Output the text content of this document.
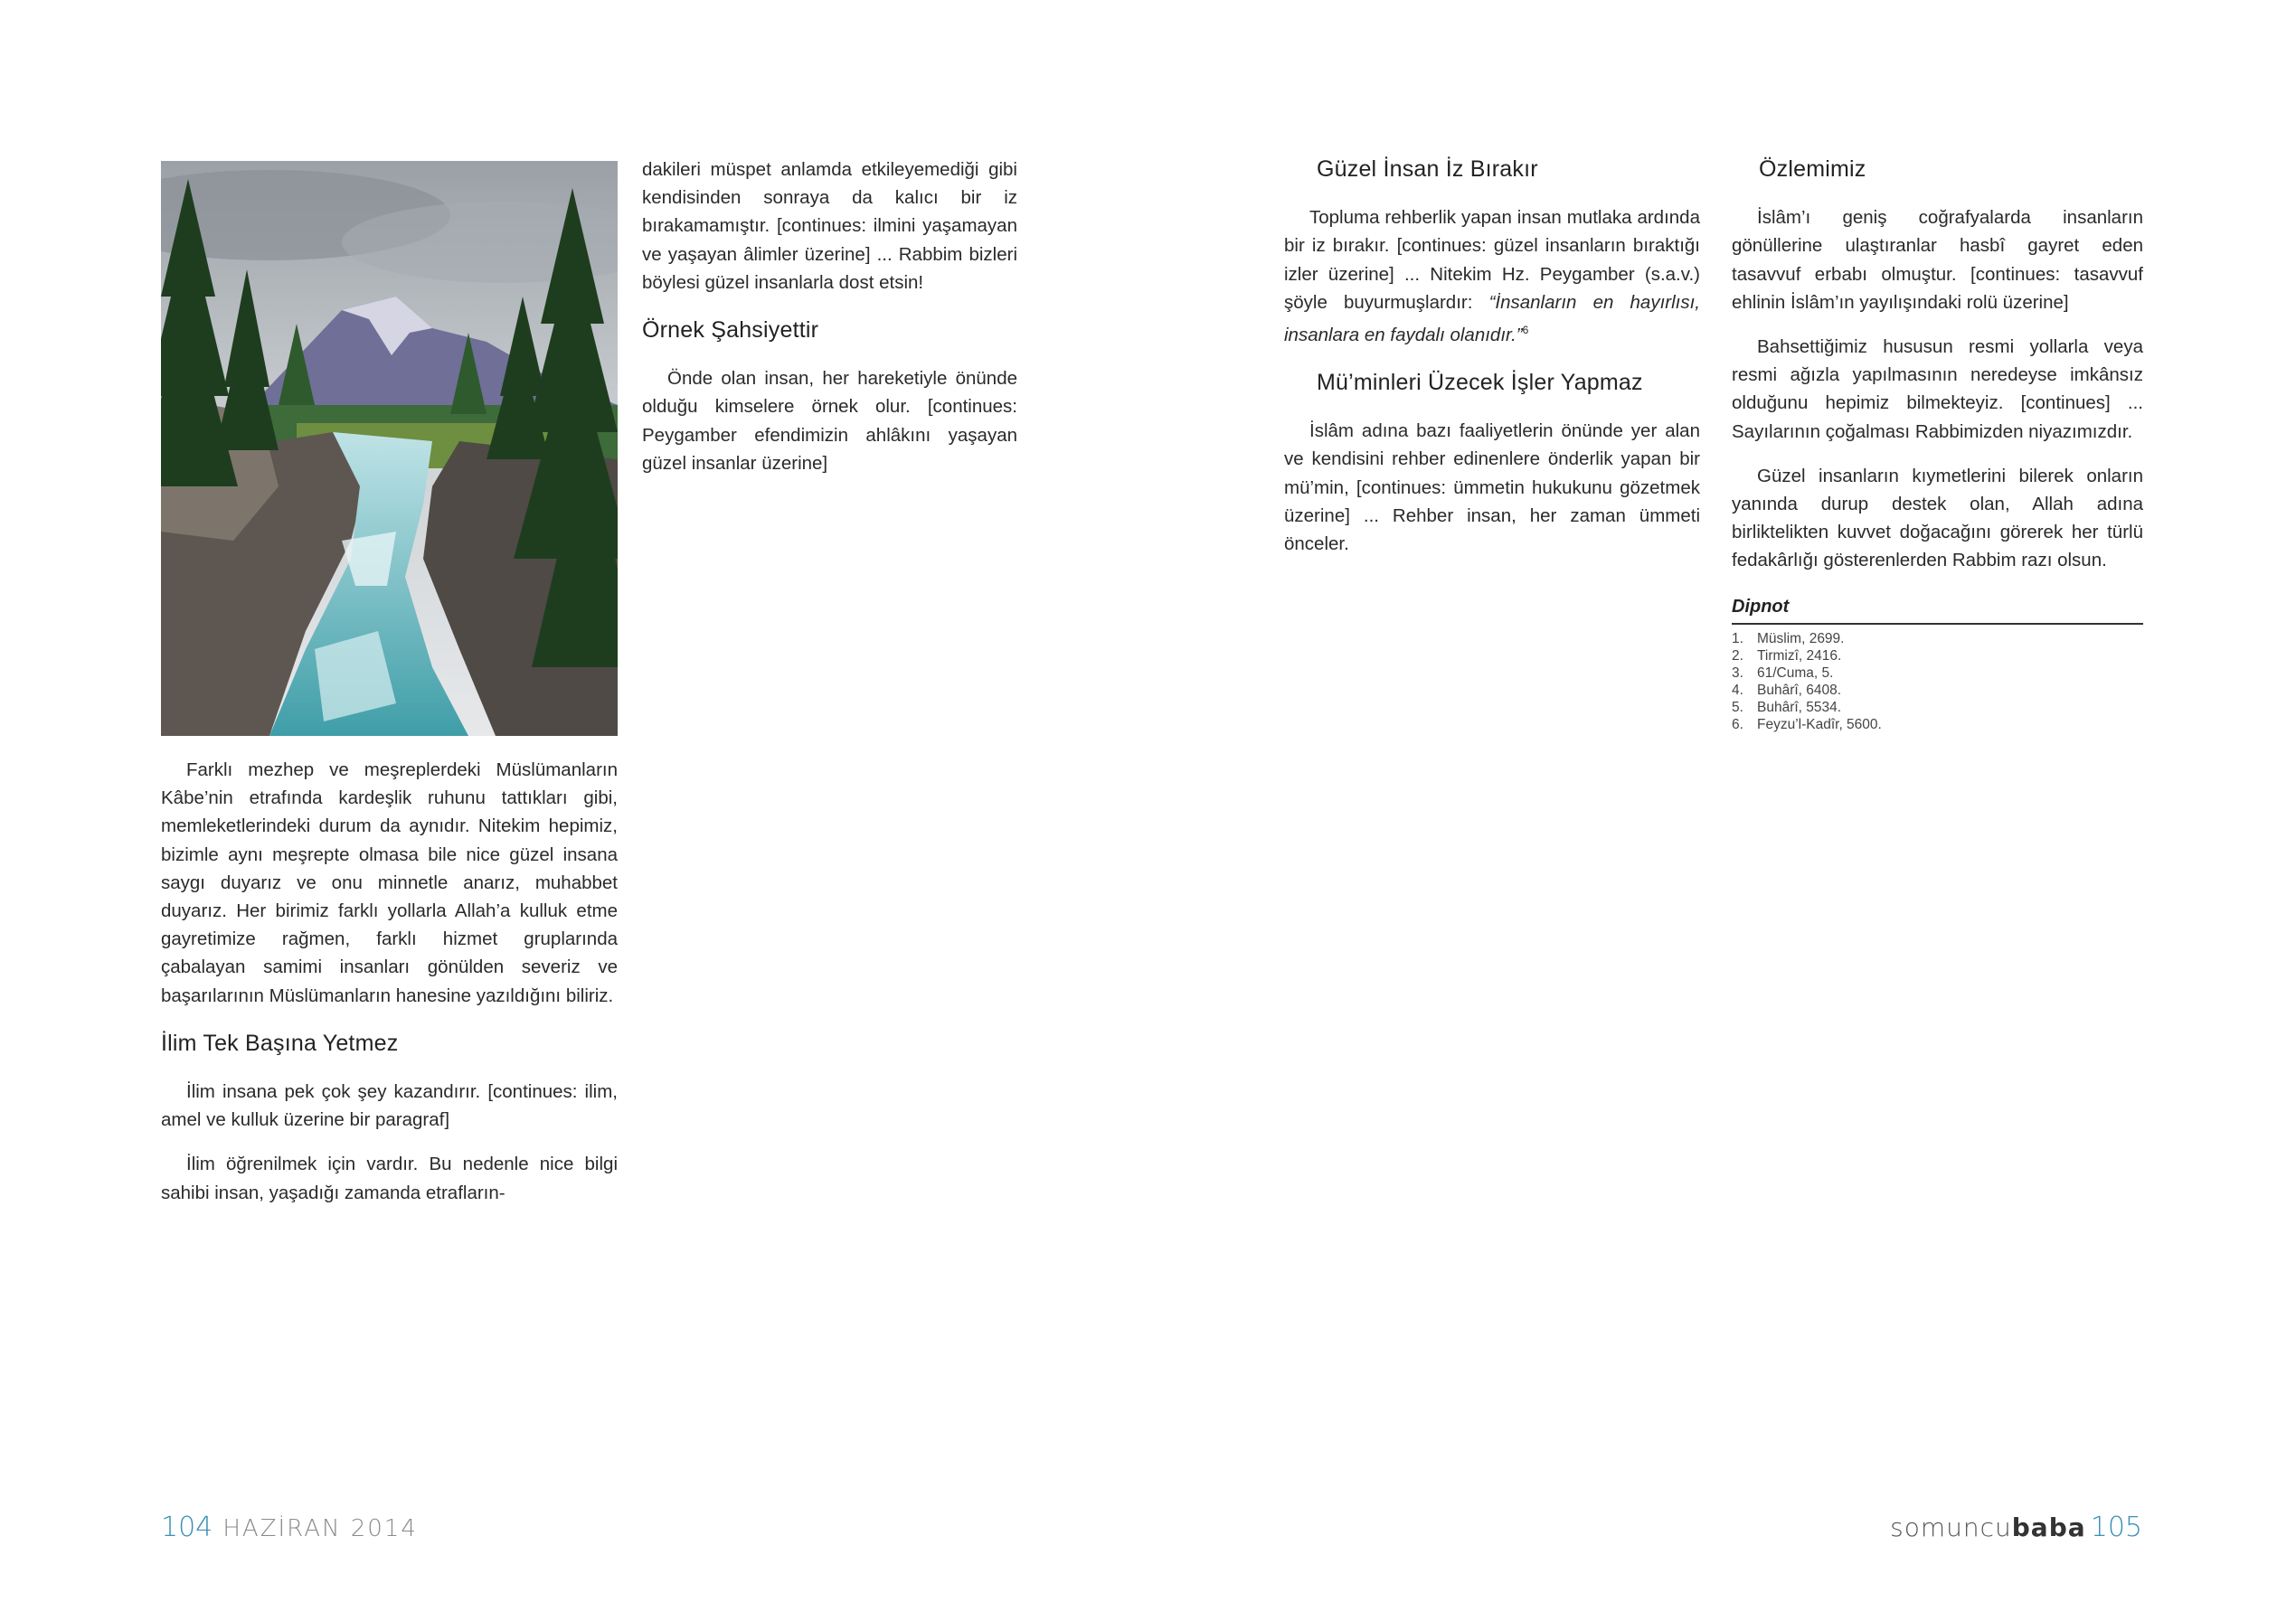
Farklı mezhep ve meşreplerdeki Müslümanların Kâbe’nin etrafında kardeşlik ruhunu tattıkları gibi, memleketlerindeki durum da aynıdır. Nitekim hepimiz, bizimle aynı meşrepte olmasa bile nice güzel insana saygı duyarız ve onu minnetle anarız, muhabbet duyarız. Her birimiz farklı yollarla Allah’a kulluk etme gayretimize rağmen, farklı hizmet gruplarında çabalayan samimi insanları gönülden severiz ve başarılarının Müslümanların hanesine yazıldığını biliriz.

İlim Tek Başına Yetmez

İlim insana pek çok şey kazandırır. [continues: ilim, amel ve kulluk üzerine bir paragraf]

İlim öğrenilmek için vardır. Bu nedenle nice bilgi sahibi insan, yaşadığı zamanda etrafların-

dakileri müspet anlamda etkileyemediği gibi kendisinden sonraya da kalıcı bir iz bırakamamıştır. [continues: ilmini yaşamayan ve yaşayan âlimler üzerine] ... Rabbim bizleri böylesi güzel insanlarla dost etsin!

Örnek Şahsiyettir

Önde olan insan, her hareketiyle önünde olduğu kimselere örnek olur. [continues: Peygamber efendimizin ahlâkını yaşayan güzel insanlar üzerine]

Güzel İnsan İz Bırakır

Topluma rehberlik yapan insan mutlaka ardında bir iz bırakır. [continues: güzel insanların bıraktığı izler üzerine] ... Nitekim Hz. Peygamber (s.a.v.) şöyle buyurmuşlardır: “İnsanların en hayırlısı, insanlara en faydalı olanıdır.”$^6$

Mü’minleri Üzecek İşler Yapmaz

İslâm adına bazı faaliyetlerin önünde yer alan ve kendisini rehber edinenlere önderlik yapan bir mü’min, [continues: ümmetin hukukunu gözetmek üzerine] ... Rehber insan, her zaman ümmeti önceler.

Özlemimiz

İslâm’ı geniş coğrafyalarda insanların gönüllerine ulaştıranlar hasbî gayret eden tasavvuf erbabı olmuştur. [continues: tasavvuf ehlinin İslâm’ın yayılışındaki rolü üzerine]

Bahsettiğimiz hususun resmi yollarla veya resmi ağızla yapılmasının neredeyse imkânsız olduğunu hepimiz bilmekteyiz. [continues] ... Sayılarının çoğalması Rabbimizden niyazımızdır.

Güzel insanların kıymetlerini bilerek onların yanında durup destek olan, Allah adına birliktelikten kuvvet doğacağını görerek her türlü fedakârlığı gösterenlerden Rabbim razı olsun.

Dipnot
1. Müslim, 2699.
2. Tirmizî, 2416.
3. 61/Cuma, 5.
4. Buhârî, 6408.
5. Buhârî, 5534.
6. Feyzu’l-Kadîr, 5600.
104 HAZİRAN 2014	somuncubaba 105
